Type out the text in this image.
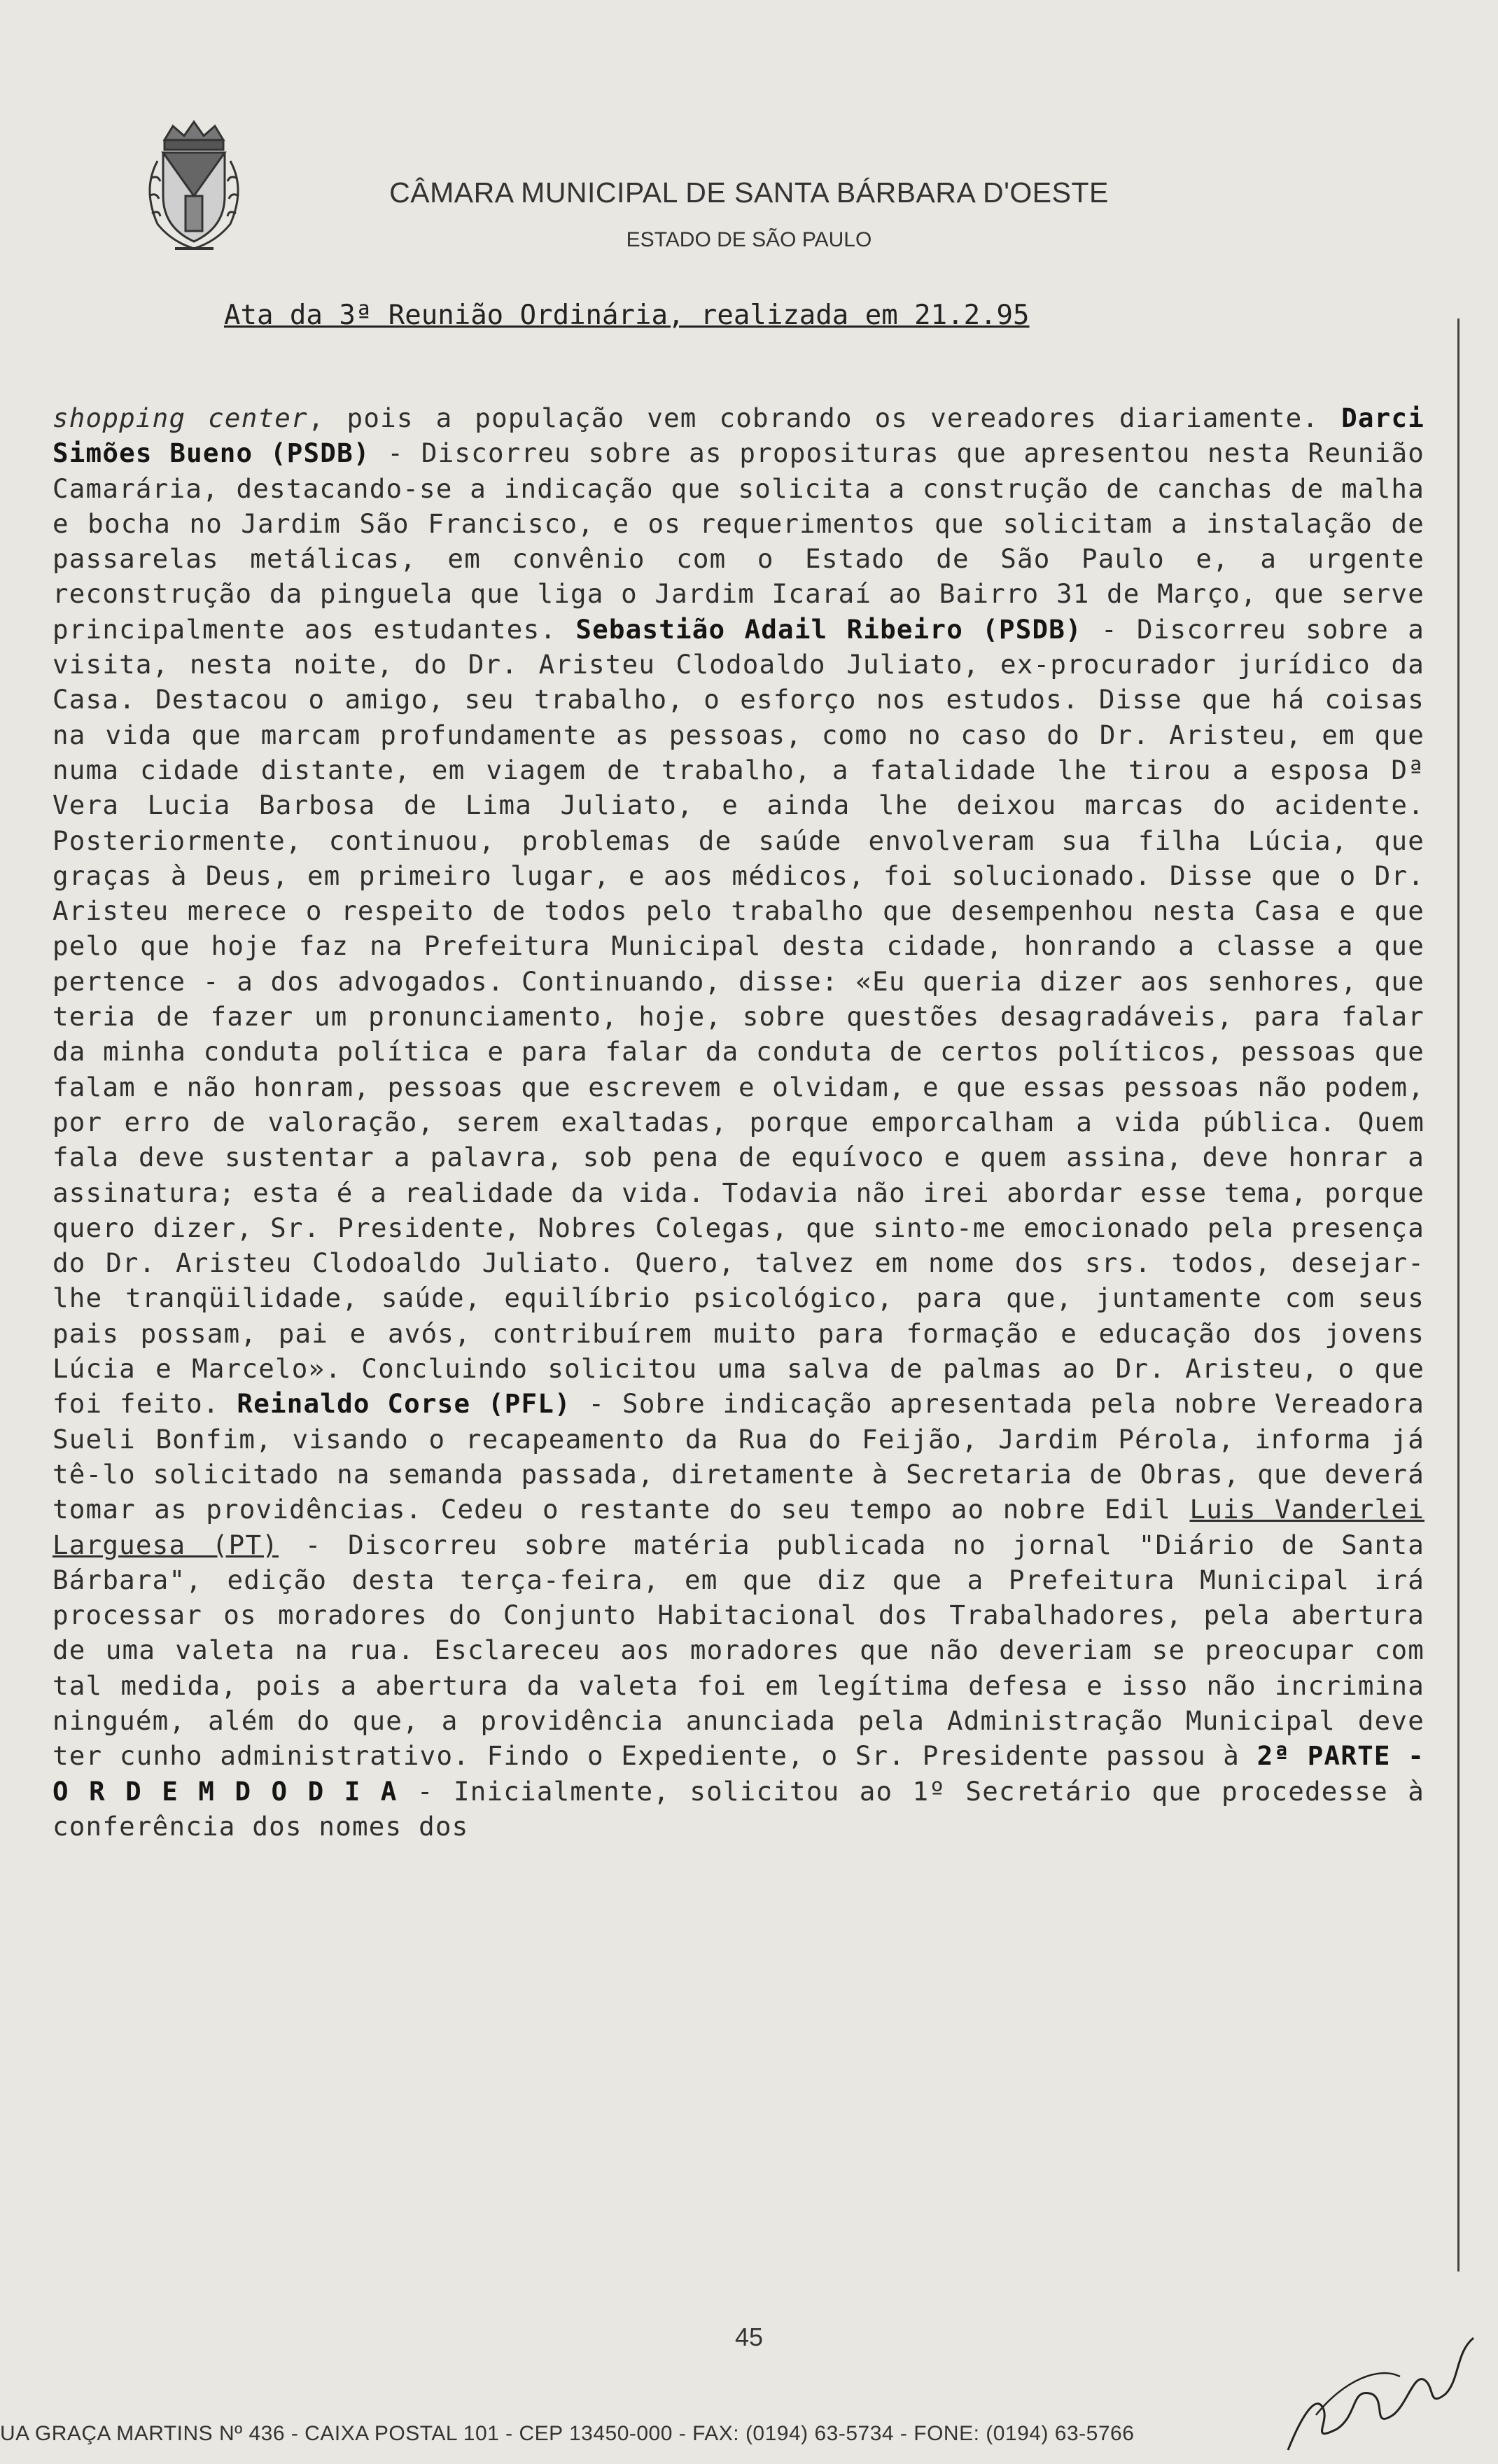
CÂMARA MUNICIPAL DE SANTA BÁRBARA D'OESTE
ESTADO DE SÃO PAULO
Ata da 3ª Reunião Ordinária, realizada em 21.2.95
shopping center, pois a população vem cobrando os vereadores diariamente. Darci Simões Bueno (PSDB) - Discorreu sobre as proposituras que apresentou nesta Reunião Camarária, destacando-se a indicação que solicita a construção de canchas de malha e bocha no Jardim São Francisco, e os requerimentos que solicitam a instalação de passarelas metálicas, em convênio com o Estado de São Paulo e, a urgente reconstrução da pinguela que liga o Jardim Icaraí ao Bairro 31 de Março, que serve principalmente aos estudantes. Sebastião Adail Ribeiro (PSDB) - Discorreu sobre a visita, nesta noite, do Dr. Aristeu Clodoaldo Juliato, ex-procurador jurídico da Casa. Destacou o amigo, seu trabalho, o esforço nos estudos. Disse que há coisas na vida que marcam profundamente as pessoas, como no caso do Dr. Aristeu, em que numa cidade distante, em viagem de trabalho, a fatalidade lhe tirou a esposa Dª Vera Lucia Barbosa de Lima Juliato, e ainda lhe deixou marcas do acidente. Posteriormente, continuou, problemas de saúde envolveram sua filha Lúcia, que graças à Deus, em primeiro lugar, e aos médicos, foi solucionado. Disse que o Dr. Aristeu merece o respeito de todos pelo trabalho que desempenhou nesta Casa e que pelo que hoje faz na Prefeitura Municipal desta cidade, honrando a classe a que pertence - a dos advogados. Continuando, disse: «Eu queria dizer aos senhores, que teria de fazer um pronunciamento, hoje, sobre questões desagradáveis, para falar da minha conduta política e para falar da conduta de certos políticos, pessoas que falam e não honram, pessoas que escrevem e olvidam, e que essas pessoas não podem, por erro de valoração, serem exaltadas, porque emporcalham a vida pública. Quem fala deve sustentar a palavra, sob pena de equívoco e quem assina, deve honrar a assinatura; esta é a realidade da vida. Todavia não irei abordar esse tema, porque quero dizer, Sr. Presidente, Nobres Colegas, que sinto-me emocionado pela presença do Dr. Aristeu Clodoaldo Juliato. Quero, talvez em nome dos srs. todos, desejar-lhe tranqüilidade, saúde, equilíbrio psicológico, para que, juntamente com seus pais possam, pai e avós, contribuírem muito para formação e educação dos jovens Lúcia e Marcelo». Concluindo solicitou uma salva de palmas ao Dr. Aristeu, o que foi feito. Reinaldo Corse (PFL) - Sobre indicação apresentada pela nobre Vereadora Sueli Bonfim, visando o recapeamento da Rua do Feijão, Jardim Pérola, informa já tê-lo solicitado na semanda passada, diretamente à Secretaria de Obras, que deverá tomar as providências. Cedeu o restante do seu tempo ao nobre Edil Luis Vanderlei Larguesa (PT) - Discorreu sobre matéria publicada no jornal "Diário de Santa Bárbara", edição desta terça-feira, em que diz que a Prefeitura Municipal irá processar os moradores do Conjunto Habitacional dos Trabalhadores, pela abertura de uma valeta na rua. Esclareceu aos moradores que não deveriam se preocupar com tal medida, pois a abertura da valeta foi em legítima defesa e isso não incrimina ninguém, além do que, a providência anunciada pela Administração Municipal deve ter cunho administrativo. Findo o Expediente, o Sr. Presidente passou à 2ª PARTE - O R D E M D O D I A - Inicialmente, solicitou ao 1º Secretário que procedesse à conferência dos nomes dos
45
UA GRAÇA MARTINS Nº 436 - CAIXA POSTAL 101 - CEP 13450-000 - FAX: (0194) 63-5734 - FONE: (0194) 63-5766
